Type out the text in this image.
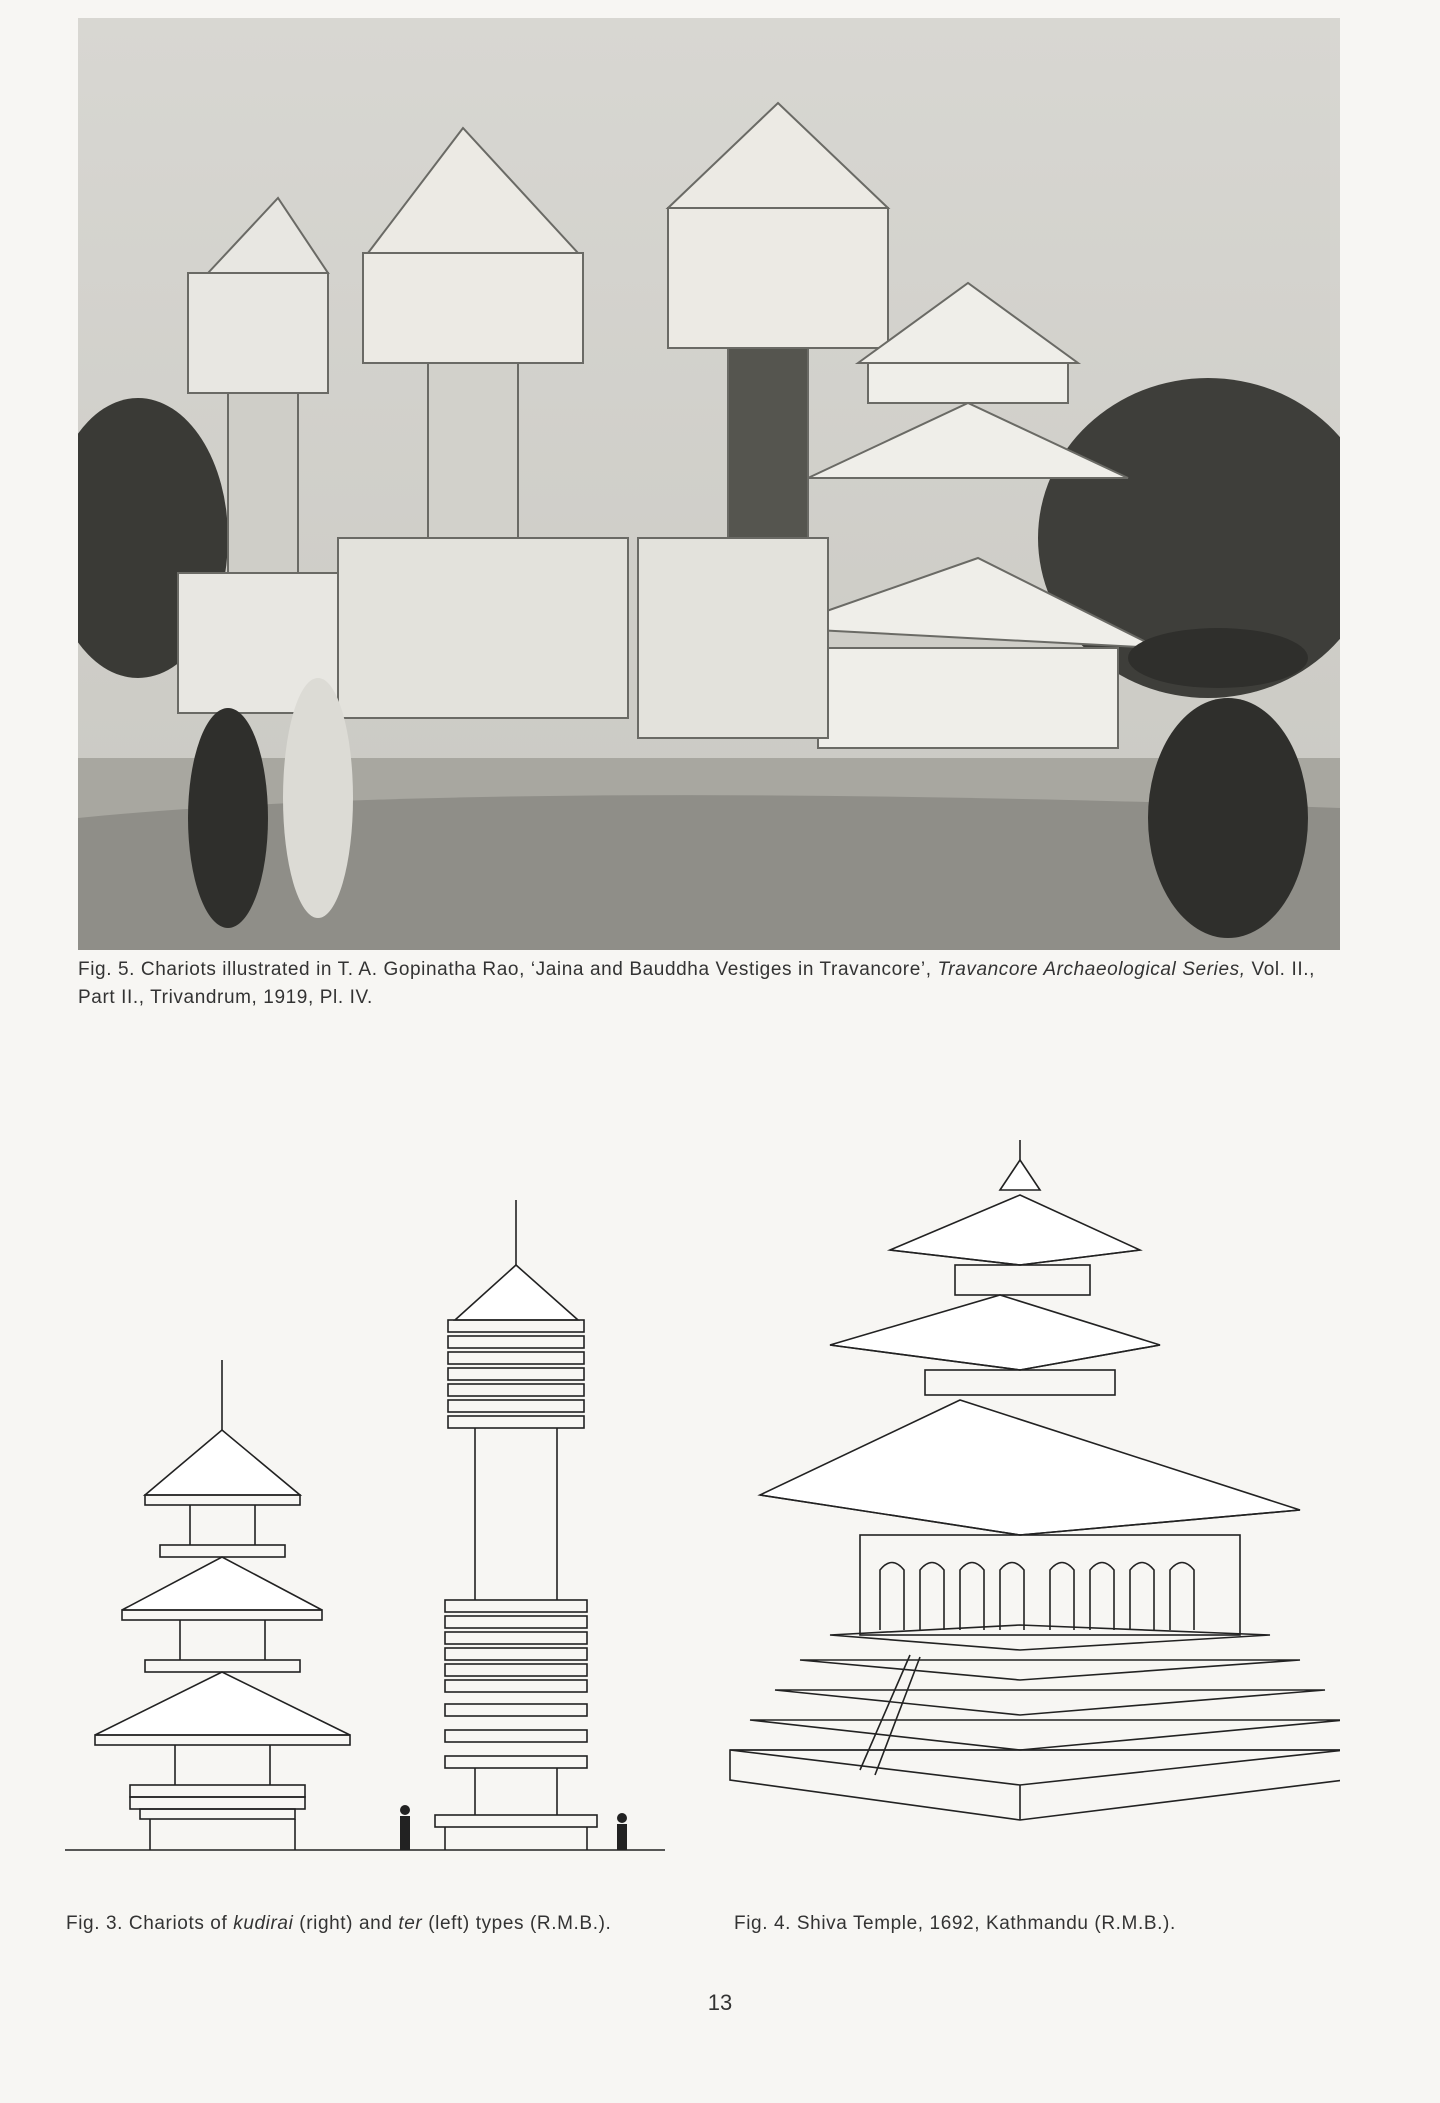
Fig. 5. Chariots illustrated in T. A. Gopinatha Rao, ‘Jaina and Bauddha Vestiges in Travancore’, Travancore Archaeological Series, Vol. II., Part II., Trivandrum, 1919, Pl. IV.
Fig. 3. Chariots of kudirai (right) and ter (left) types (R.M.B.).	Fig. 4. Shiva Temple, 1692, Kathmandu (R.M.B.).
13
